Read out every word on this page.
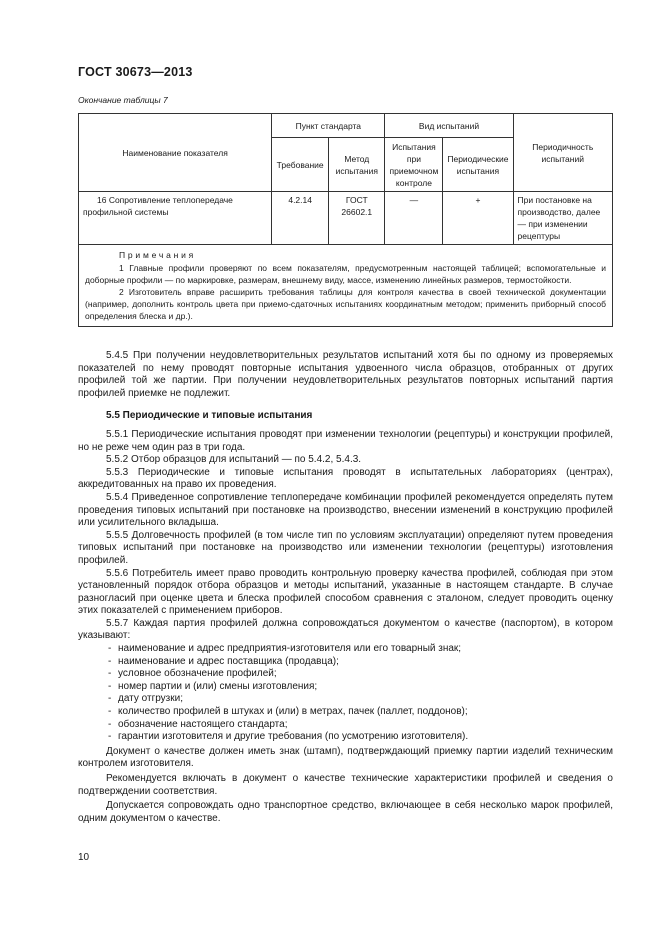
ГОСТ 30673—2013
Окончание таблицы 7
Наименование показателя	Пункт стандарта		Вид испытаний		Периодичность испытаний
	Требование	Метод испытания	Испытания при приемочном контроле	Периодические испытания	
16 Сопротивление теплопередаче профильной системы	4.2.14	ГОСТ 26602.1	—	+	При постановке на производство, далее — при изменении рецептуры

Примечания
1 Главные профили проверяют по всем показателям, предусмотренным настоящей таблицей; вспомогательные и доборные профили — по маркировке, размерам, внешнему виду, массе, изменению линейных размеров, термостойкости.
2 Изготовитель вправе расширить требования таблицы для контроля качества в своей технической документации (например, дополнить контроль цвета при приемо-сдаточных испытаниях координатным методом; применить приборный способ определения блеска и др.).					

5.4.5 При получении неудовлетворительных результатов испытаний хотя бы по одному из проверяемых показателей по нему проводят повторные испытания удвоенного числа образцов, отобранных от других профилей той же партии. При получении неудовлетворительных результатов повторных испытаний партия профилей приемке не подлежит.

5.5 Периодические и типовые испытания

5.5.1 Периодические испытания проводят при изменении технологии (рецептуры) и конструкции профилей, но не реже чем один раз в три года.

5.5.2 Отбор образцов для испытаний — по 5.4.2, 5.4.3.

5.5.3 Периодические и типовые испытания проводят в испытательных лабораториях (центрах), аккредитованных на право их проведения.

5.5.4 Приведенное сопротивление теплопередаче комбинации профилей рекомендуется определять путем проведения типовых испытаний при постановке на производство, внесении изменений в конструкцию профилей или усилительного вкладыша.

5.5.5 Долговечность профилей (в том числе тип по условиям эксплуатации) определяют путем проведения типовых испытаний при постановке на производство или изменении технологии (рецептуры) изготовления профилей.

5.5.6 Потребитель имеет право проводить контрольную проверку качества профилей, соблюдая при этом установленный порядок отбора образцов и методы испытаний, указанные в настоящем стандарте. В случае разногласий при оценке цвета и блеска профилей способом сравнения с эталоном, следует проводить оценку этих показателей с применением приборов.

5.5.7 Каждая партия профилей должна сопровождаться документом о качестве (паспортом), в котором указывают:

- наименование и адрес предприятия-изготовителя или его товарный знак;
- наименование и адрес поставщика (продавца);
- условное обозначение профилей;
- номер партии и (или) смены изготовления;
- дату отгрузки;
- количество профилей в штуках и (или) в метрах, пачек (паллет, поддонов);
- обозначение настоящего стандарта;
- гарантии изготовителя и другие требования (по усмотрению изготовителя).

Документ о качестве должен иметь знак (штамп), подтверждающий приемку партии изделий техническим контролем изготовителя.

Рекомендуется включать в документ о качестве технические характеристики профилей и сведения о подтверждении соответствия.

Допускается сопровождать одно транспортное средство, включающее в себя несколько марок профилей, одним документом о качестве.

10
